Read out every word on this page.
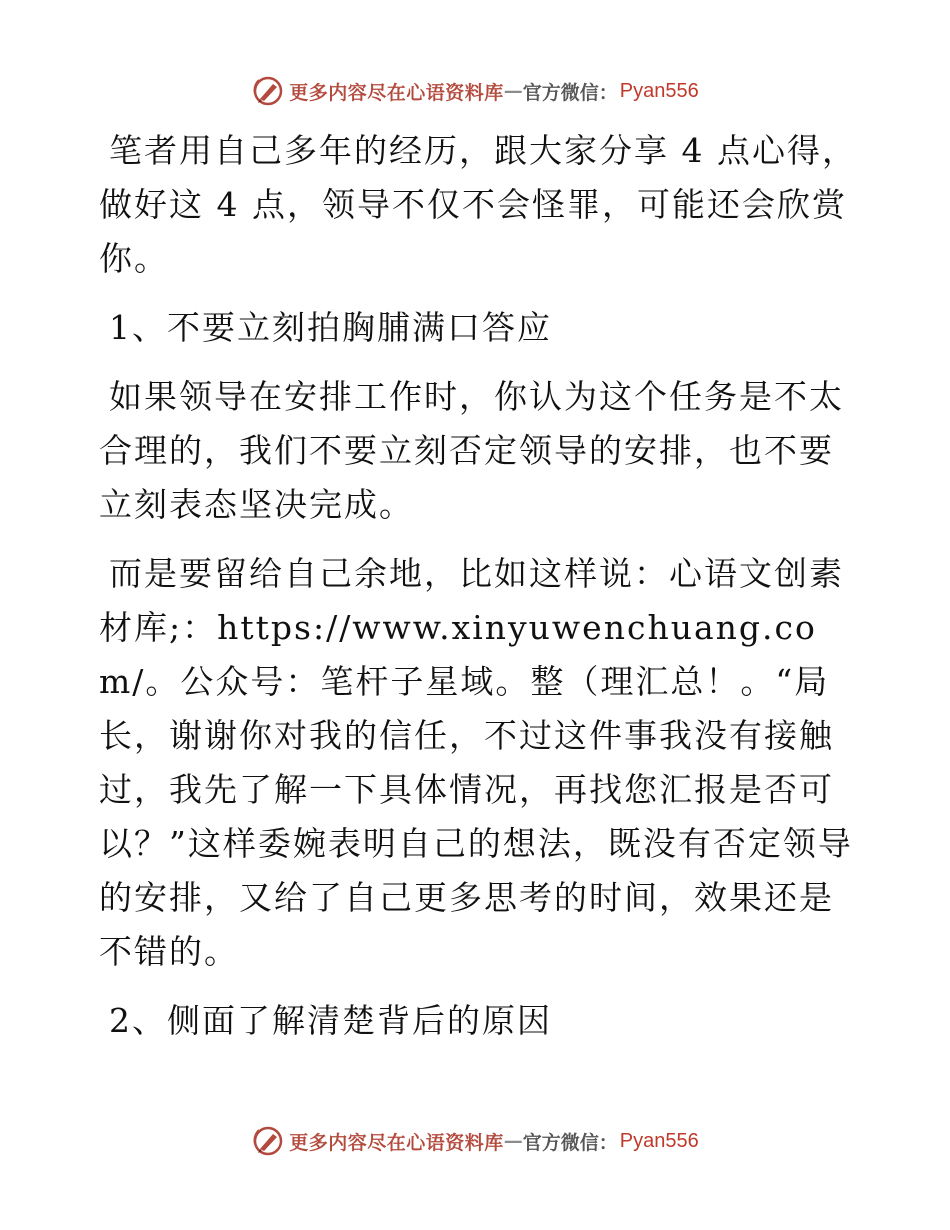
更多内容尽在心语资料库 — 官方微信： Pyan556

笔者用自己多年的经历，跟大家分享 4 点心得，做好这 4 点，领导不仅不会怪罪，可能还会欣赏你。

1、不要立刻拍胸脯满口答应

如果领导在安排工作时，你认为这个任务是不太合理的，我们不要立刻否定领导的安排，也不要立刻表态坚决完成。

而是要留给自己余地，比如这样说：心语文创素材库;：https://www.xinyuwenchuang.com/。公众号：笔杆子星域。整（理汇总！。“局长，谢谢你对我的信任，不过这件事我没有接触过，我先了解一下具体情况，再找您汇报是否可以？”这样委婉表明自己的想法，既没有否定领导的安排，又给了自己更多思考的时间，效果还是不错的。

2、侧面了解清楚背后的原因

更多内容尽在心语资料库 — 官方微信： Pyan556
